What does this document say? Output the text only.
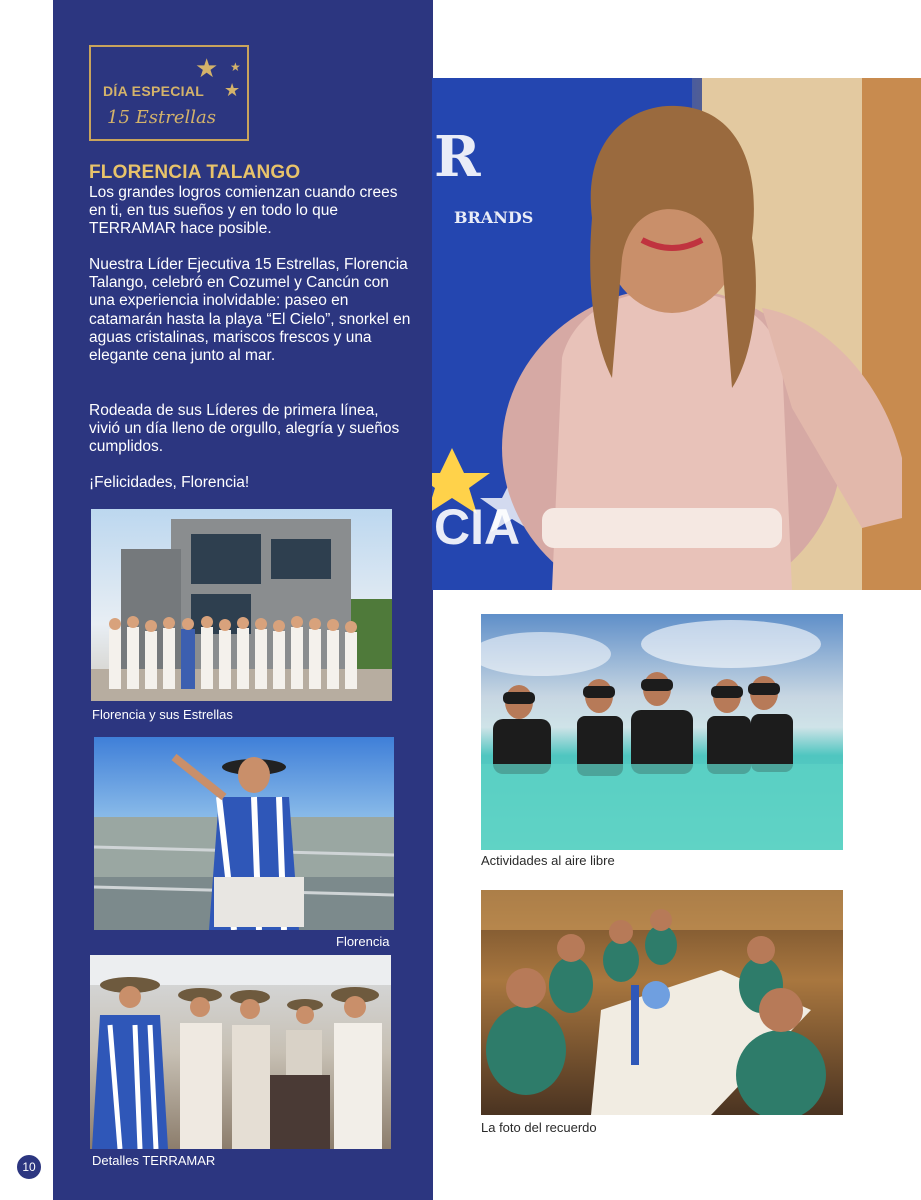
★ ★
★
DÍA ESPECIAL
15 Estrellas
FLORENCIA TALANGO

Los grandes logros comienzan cuando crees en ti, en tus sueños y en todo lo que TERRAMAR hace posible.

Nuestra Líder Ejecutiva 15 Estrellas, Florencia Talango, celebró en Cozumel y Cancún con una experiencia inolvidable: paseo en catamarán hasta la playa “El Cielo”, snorkel en aguas cristalinas, mariscos frescos y una elegante cena junto al mar.

Rodeada de sus Líderes de primera línea, vivió un día lleno de orgullo, alegría y sueños cumplidos.

¡Felicidades, Florencia!

R
BRANDS
CIA
Florencia y sus Estrellas
Florencia
Detalles TERRAMAR
Actividades al aire libre
La foto del recuerdo
10
